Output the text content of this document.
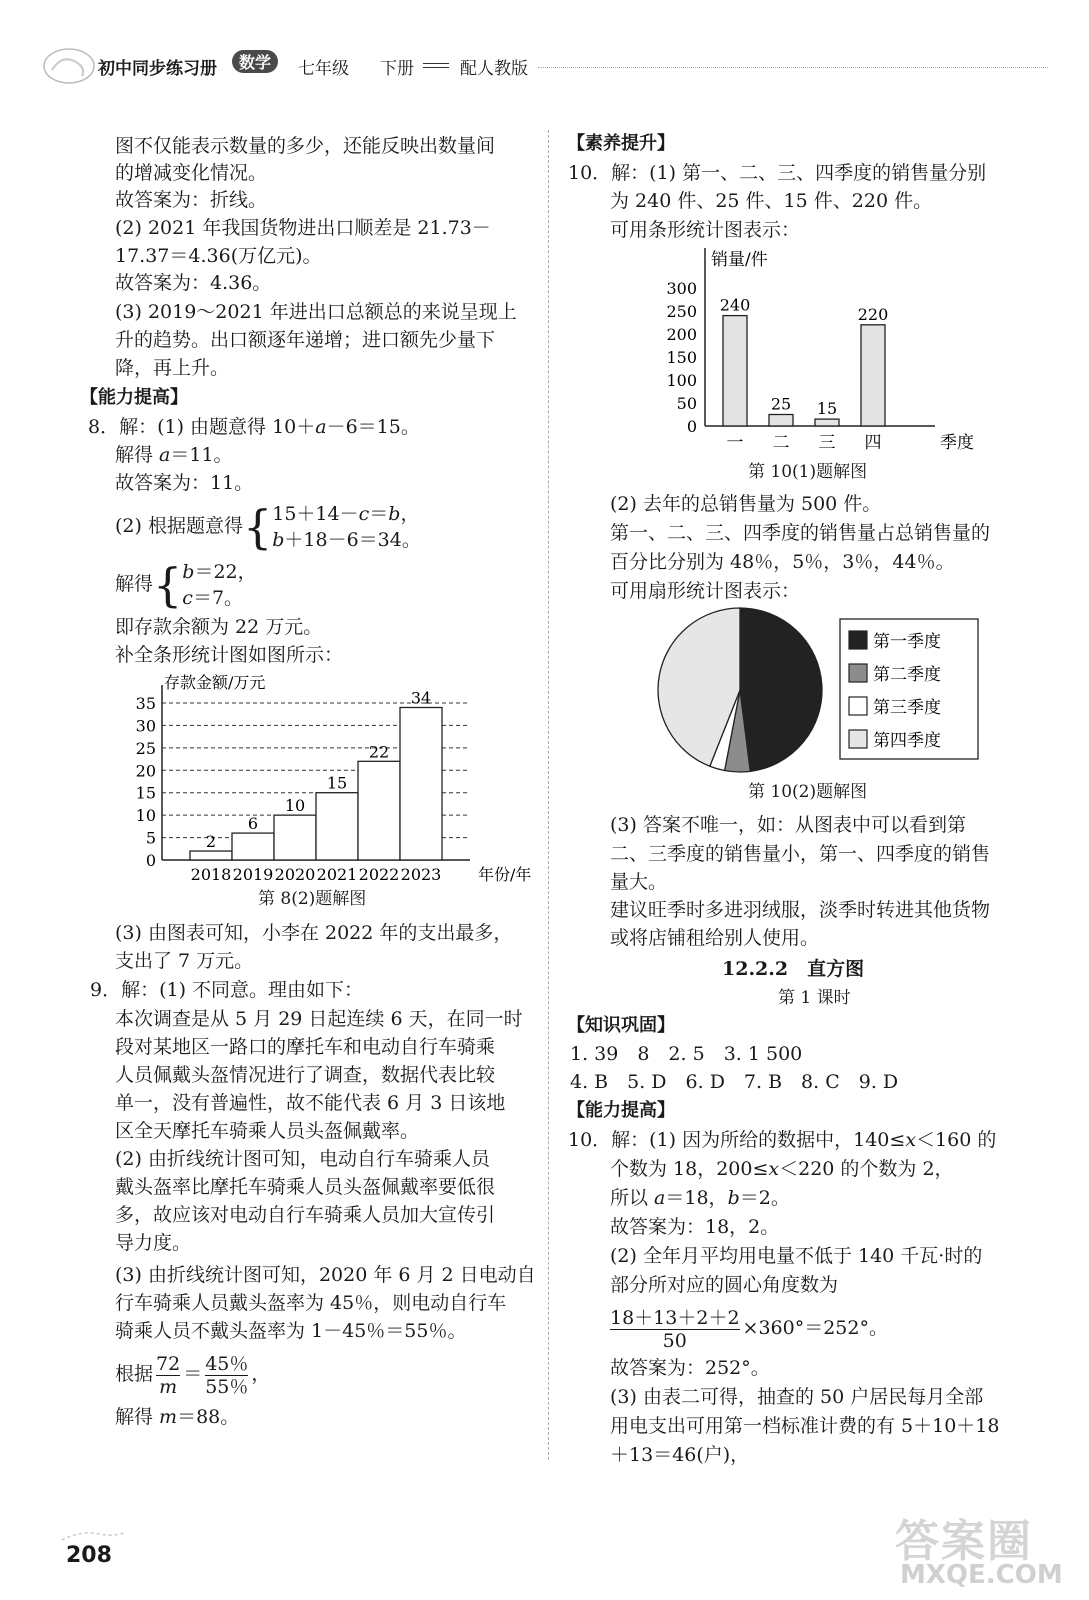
初中同步练习册	数学	七年级 下册	配人教版
图不仅能表示数量的多少，还能反映出数量间
的增减变化情况。
故答案为：折线。
(2) 2021 年我国货物进出口顺差是 21.73－
17.37＝4.36(万亿元)。
故答案为：4.36。
(3) 2019～2021 年进出口总额总的来说呈现上
升的趋势。出口额逐年递增；进口额先少量下
降，再上升。
【能力提高】
8．解：(1) 由题意得 10＋a－6＝15。
解得 a＝11。
故答案为：11。
(2) 根据题意得{ 15＋14－c＝b，
b＋18－6＝34。
解得{ b＝22，
c＝7。
即存款余额为 22 万元。
补全条形统计图如图所示：
0
5
10
15
20
25
30
35
存款金额/万元
年份/年
2
2018
6
2019
10
2020
15
2021
22
2022
34
2023
第 8(2)题解图
(3) 由图表可知，小李在 2022 年的支出最多，
支出了 7 万元。
9．解：(1) 不同意。理由如下：
本次调查是从 5 月 29 日起连续 6 天，在同一时
段对某地区一路口的摩托车和电动自行车骑乘
人员佩戴头盔情况进行了调查，数据代表比较
单一，没有普遍性，故不能代表 6 月 3 日该地
区全天摩托车骑乘人员头盔佩戴率。
(2) 由折线统计图可知，电动自行车骑乘人员
戴头盔率比摩托车骑乘人员头盔佩戴率要低很
多，故应该对电动自行车骑乘人员加大宣传引
导力度。
(3) 由折线统计图可知，2020 年 6 月 2 日电动自
行车骑乘人员戴头盔率为 45％，则电动自行车
骑乘人员不戴头盔率为 1－45％＝55％。
根据 $\frac{72}{m} = \frac{45\%}{55\%}$ ，
解得 m＝88。
【素养提升】
10．解：(1) 第一、二、三、四季度的销售量分别
为 240 件、25 件、15 件、220 件。
可用条形统计图表示：
0
50
100
150
200
250
300
销量/件
季度
240
一
25
二
15
三
220
四
第 10(1)题解图
(2) 去年的总销售量为 500 件。
第一、二、三、四季度的销售量占总销售量的
百分比分别为 48％，5％，3％，44％。
可用扇形统计图表示：
第一季度
第二季度
第三季度
第四季度
第 10(2)题解图
(3) 答案不唯一，如：从图表中可以看到第
二、三季度的销售量小，第一、四季度的销售
量大。
建议旺季时多进羽绒服，淡季时转进其他货物
或将店铺租给别人使用。
12.2.2　直方图
第 1 课时
【知识巩固】
1. 39　8　2. 5　3. 1 500
4. B　5. D　6. D　7. B　8. C　9. D
【能力提高】
10．解：(1) 因为所给的数据中，140≤x＜160 的
个数为 18，200≤x＜220 的个数为 2，
所以 a＝18，b＝2。
故答案为：18，2。
(2) 全年月平均用电量不低于 140 千瓦·时的
部分所对应的圆心角度数为
$\frac{18+13+2+2}{50} \times 360^\circ=252^\circ$。
故答案为：252°。
(3) 由表二可得，抽查的 50 户居民每月全部
用电支出可用第一档标准计费的有 5＋10＋18
＋13＝46(户)，
208	答案圈
MXQE.COM
